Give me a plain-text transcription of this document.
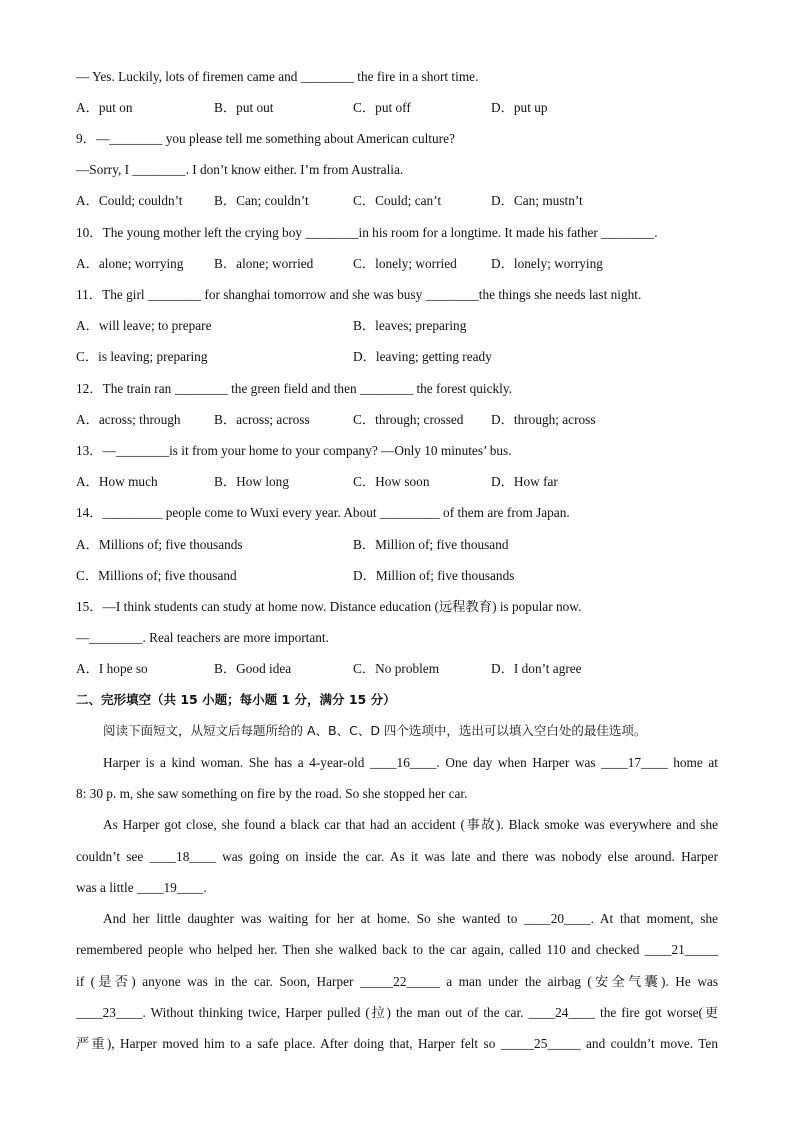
— Yes. Luckily, lots of firemen came and ________ the fire in a short time.
A．put on	B．put out	C．put off	D．put up
9．—________ you please tell me something about American culture?
—Sorry, I ________. I don’t know either. I’m from Australia.
A．Could; couldn’t B．Can; couldn’t	C．Could; can’t	D．Can; mustn’t
10．The young mother left the crying boy ________in his room for a longtime. It made his father ________.
A．alone; worrying B．alone; worried	C．lonely; worried	D．lonely; worrying
11．The girl ________ for shanghai tomorrow and she was busy ________the things she needs last night.
A．will leave; to prepare	B．leaves; preparing
C．is leaving; preparing	D．leaving; getting ready
12．The train ran ________ the green field and then ________ the forest quickly.
A．across; through	B．across; across	C．through; crossed D．through; across
13．—________is it from your home to your company? —Only 10 minutes’ bus.
A．How much	B．How long	C．How soon	D．How far
14．_________ people come to Wuxi every year. About _________ of them are from Japan.
A．Millions of; five thousands	B．Million of; five thousand
C．Millions of; five thousand	D．Million of; five thousands
15．—I think students can study at home now. Distance education (远程教育) is popular now.
—________. Real teachers are more important.
A．I hope so	B．Good idea	C．No problem	D．I don’t agree
二、完形填空（共 15 小题；每小题 1 分，满分 15 分）
阅读下面短文，从短文后每题所给的 A、B、C、D 四个选项中，选出可以填入空白处的最佳选项。
Harper is a kind woman. She has a 4-year-old ____16____. One day when Harper was ____17____ home at
8: 30 p. m, she saw something on fire by the road. So she stopped her car.
As Harper got close, she found a black car that had an accident (事故). Black smoke was everywhere and she
couldn’t see ____18____ was going on inside the car. As it was late and there was nobody else around. Harper
was a little ____19____.
And her little daughter was waiting for her at home. So she wanted to ____20____. At that moment, she
remembered people who helped her. Then she walked back to the car again, called 110 and checked ____21_____
if (是否) anyone was in the car. Soon, Harper _____22_____ a man under the airbag (安全气囊). He was
____23____. Without thinking twice, Harper pulled (拉) the man out of the car. ____24____ the fire got worse(更
严重), Harper moved him to a safe place. After doing that, Harper felt so _____25_____ and couldn’t move. Ten
